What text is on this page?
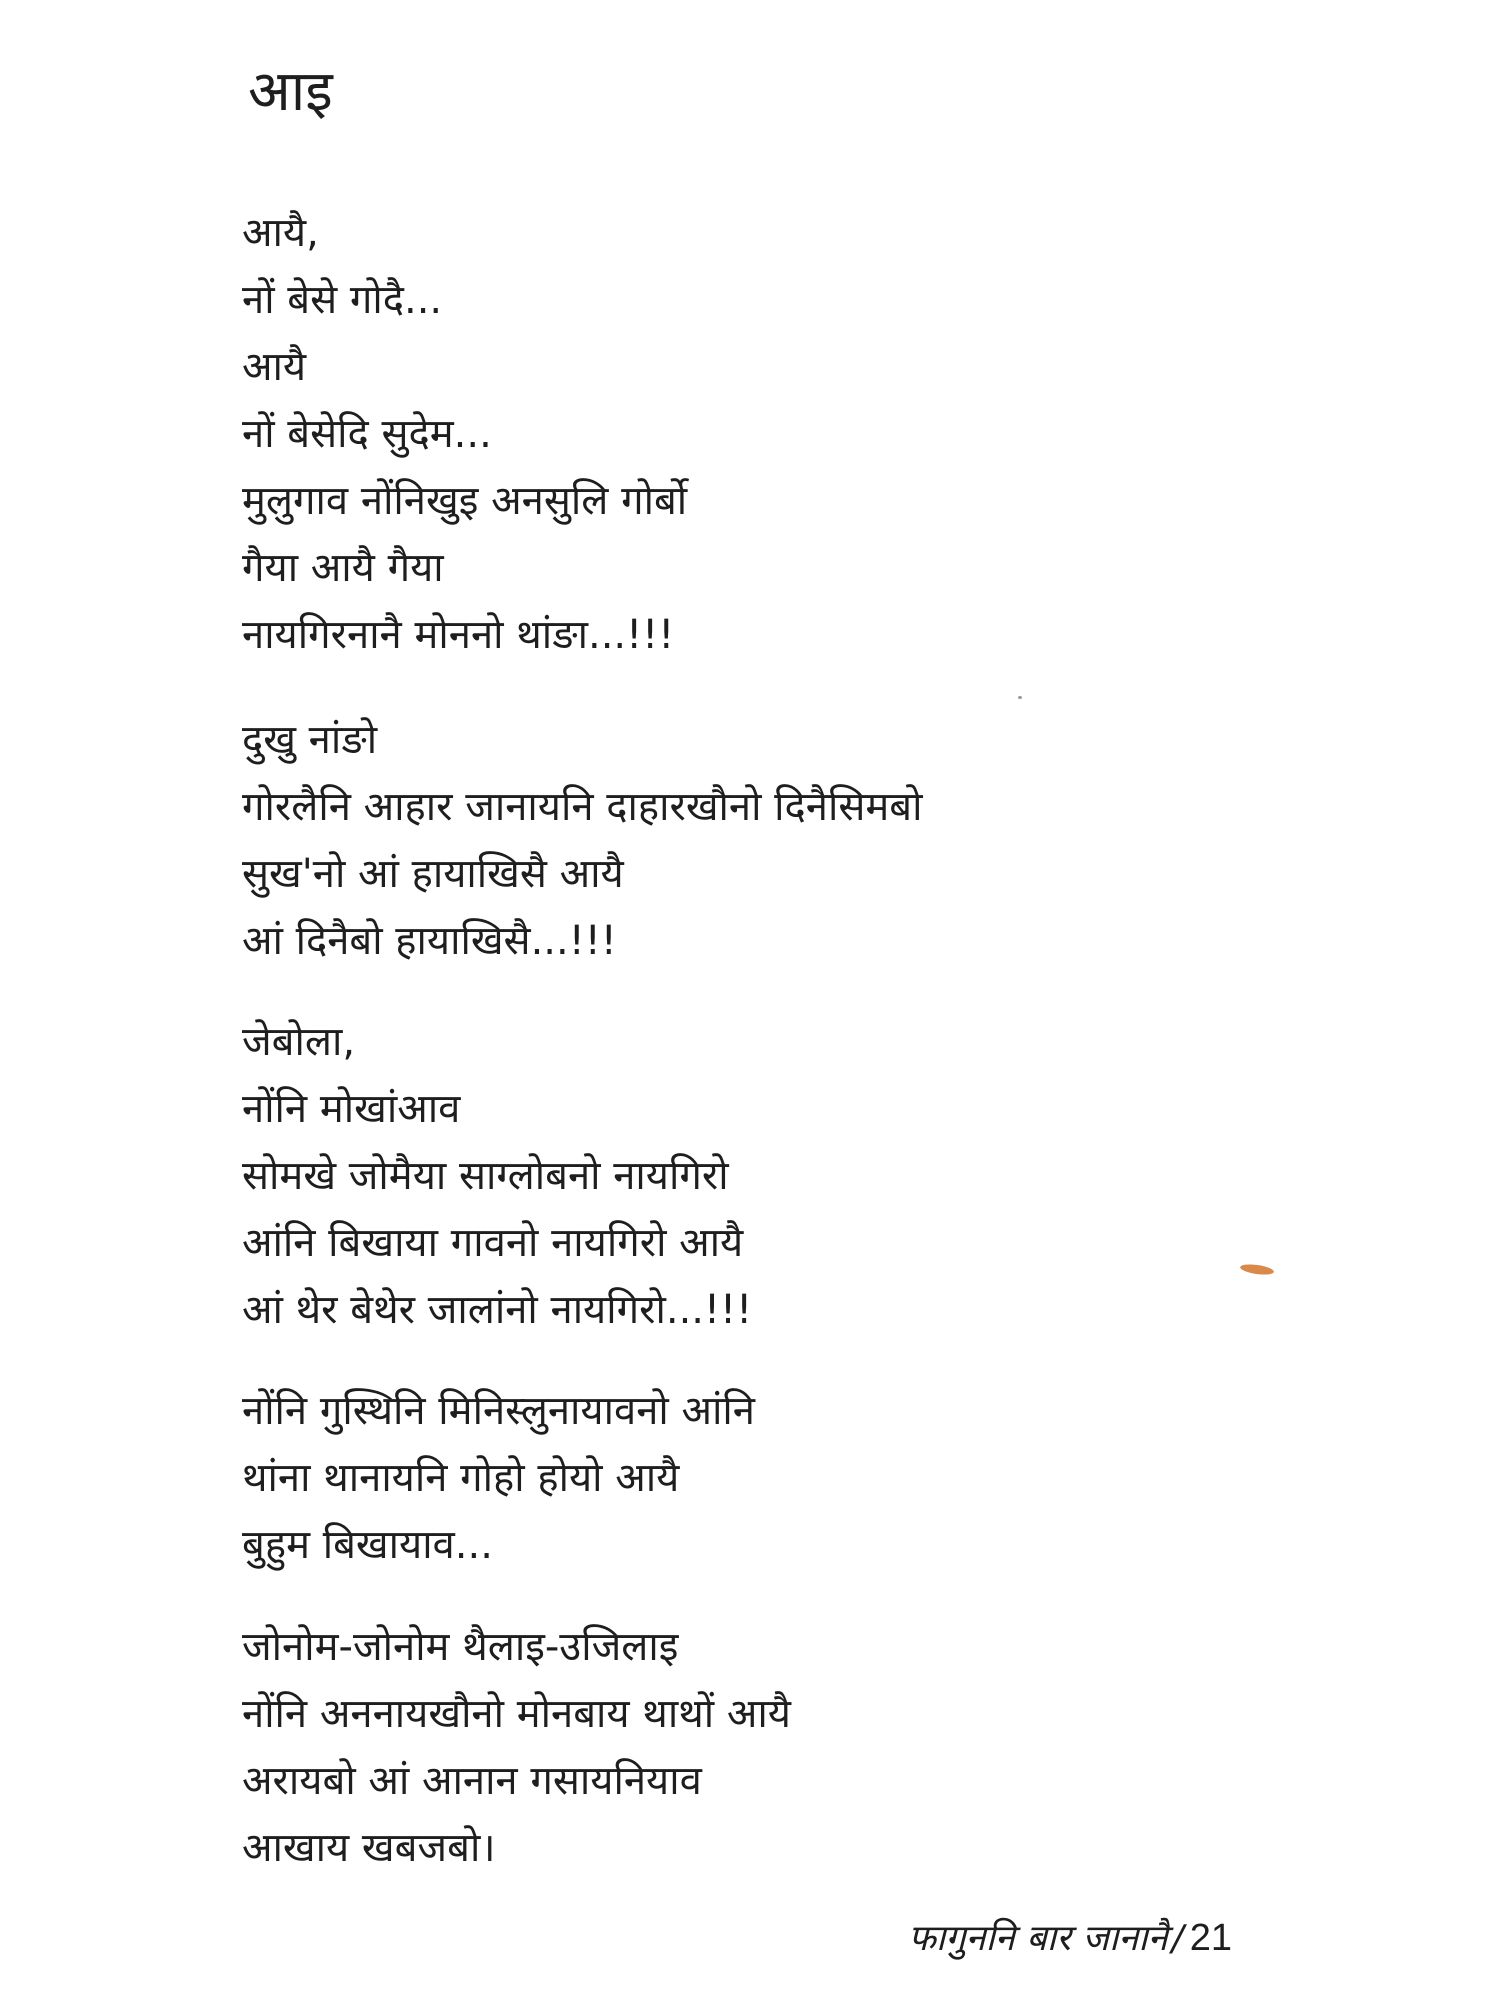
आइ
आयै,
नों बेसे गोदै...
आयै
नों बेसेदि सुदेम...
मुलुगाव नोंनिखुइ अनसुलि गोर्बो
गैया आयै गैया
नायगिरनानै मोननो थांङा...!!!
दुखु नांङो
गोरलैनि आहार जानायनि दाहारखौनो दिनैसिमबो
सुख'नो आं हायाखिसै आयै
आं दिनैबो हायाखिसै...!!!
जेबोला,
नोंनि मोखांआव
सोमखे जोमैया साग्लोबनो नायगिरो
आंनि बिखाया गावनो नायगिरो आयै
आं थेर बेथेर जालांनो नायगिरो...!!!
नोंनि गुस्थिनि मिनिस्लुनायावनो आंनि
थांना थानायनि गोहो होयो आयै
बुहुम बिखायाव...
जोनोम-जोनोम थैलाइ-उजिलाइ
नोंनि अननायखौनो मोनबाय थाथों आयै
अरायबो आं आनान गसायनियाव
आखाय खबजबो।
फागुननि बार जानानै / 21
